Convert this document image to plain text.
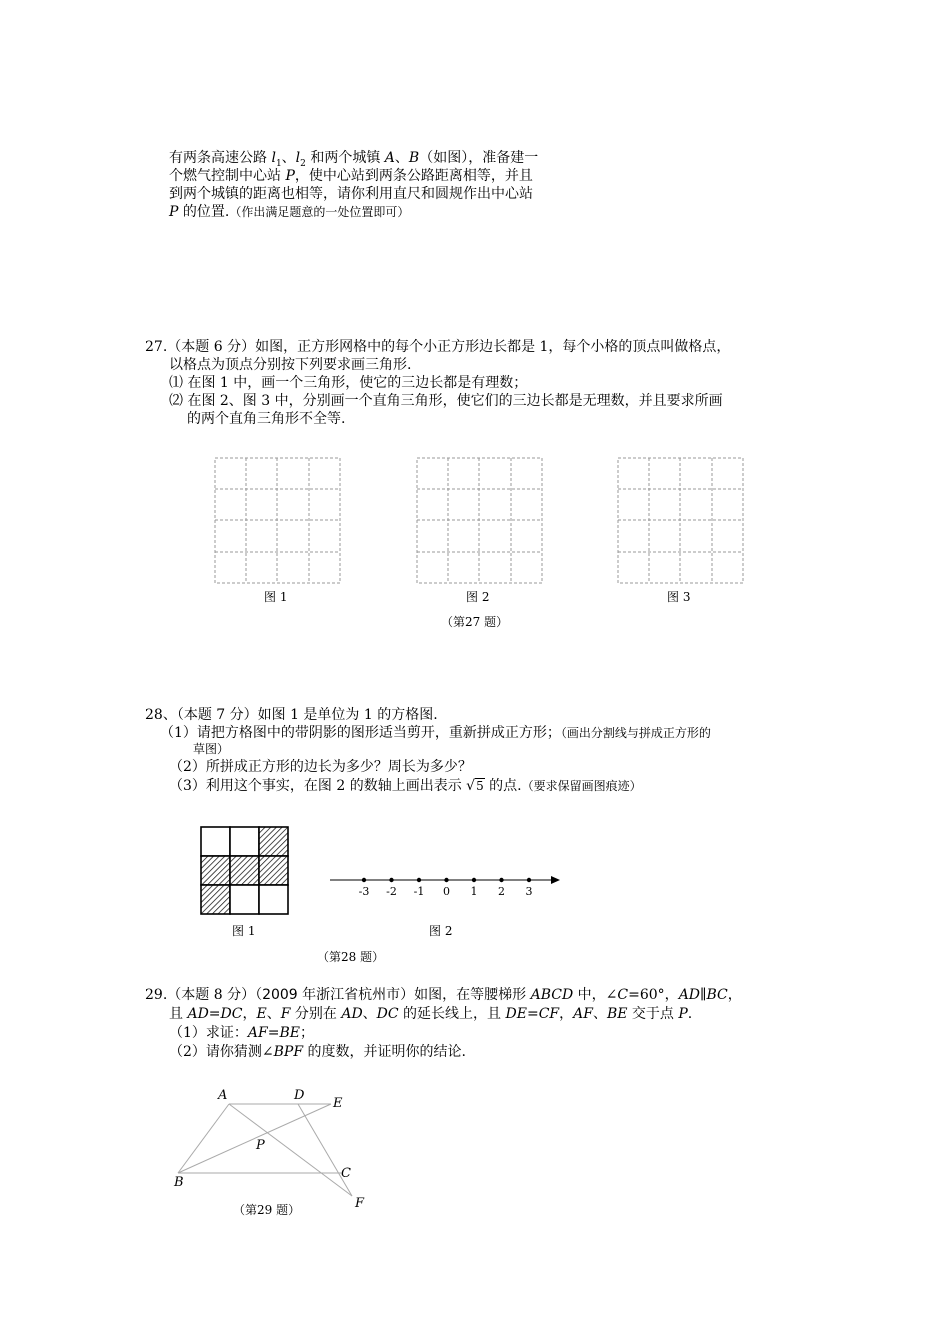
有两条高速公路 $l_1$、$l_2$ 和两个城镇 A、B（如图），准备建一
个燃气控制中心站 P，使中心站到两条公路距离相等，并且
到两个城镇的距离也相等，请你利用直尺和圆规作出中心站
P 的位置.（作出满足题意的一处位置即可）
27.（本题 6 分）如图，正方形网格中的每个小正方形边长都是 1，每个小格的顶点叫做格点，
以格点为顶点分别按下列要求画三角形.
⑴ 在图 1 中，画一个三角形，使它的三边长都是有理数；
⑵ 在图 2、图 3 中，分别画一个直角三角形，使它们的三边长都是无理数，并且要求所画
的两个直角三角形不全等.
图 1	图 2	图 3
（第27 题）
28、（本题 7 分）如图 1 是单位为 1 的方格图.
（1）请把方格图中的带阴影的图形适当剪开，重新拼成正方形；（画出分割线与拼成正方形的
草图）
（2）所拼成正方形的边长为多少？周长为多少？
（3）利用这个事实，在图 2 的数轴上画出表示 √5 的点.（要求保留画图痕迹）
-3 -2 -1 0 1 2 3
图 1	图 2
（第28 题）
29.（本题 8 分）（2009 年浙江省杭州市）如图，在等腰梯形 ABCD 中，∠C=60°，AD∥BC，
且 AD=DC，E、F 分别在 AD、DC 的延长线上，且 DE=CF，AF、BE 交于点 P.
（1）求证：AF=BE；
（2）请你猜测∠BPF 的度数，并证明你的结论.
A	D
E
P
B
C
F
（第29 题）
